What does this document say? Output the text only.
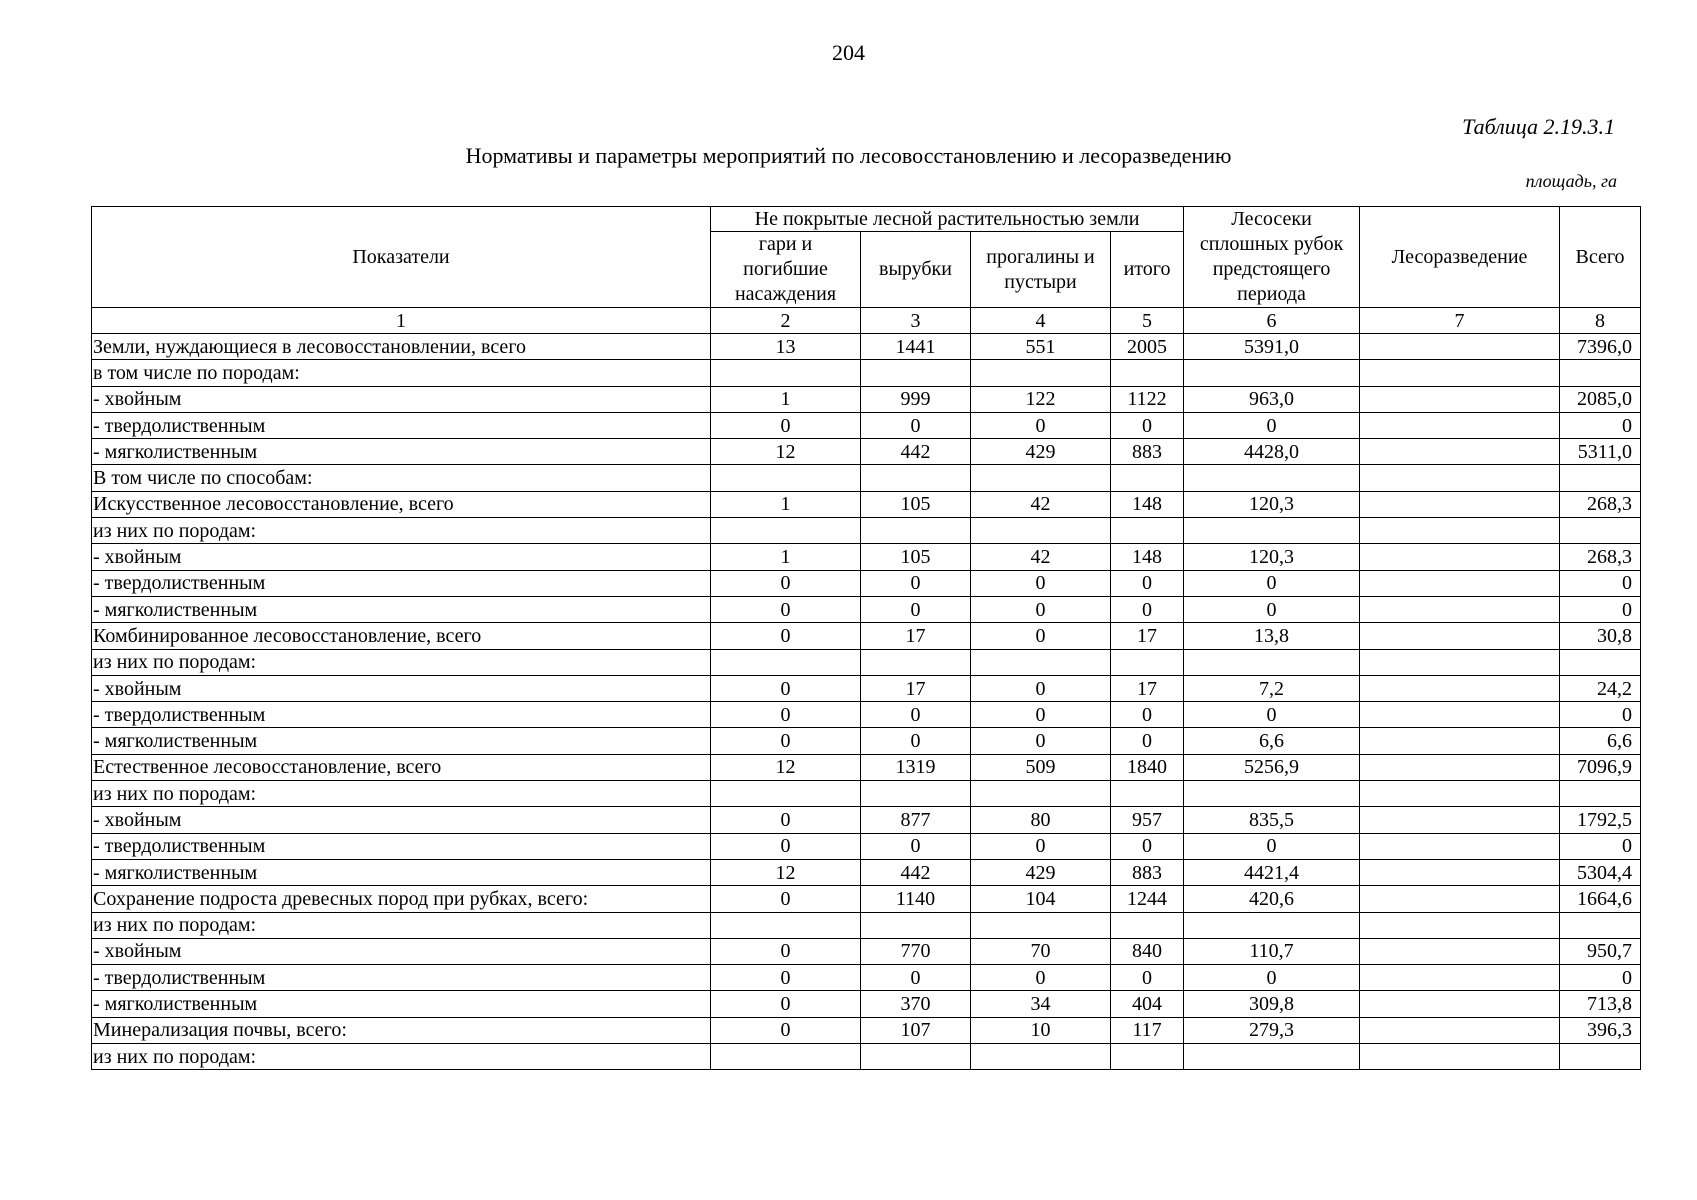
204
Таблица 2.19.3.1
Нормативы и параметры мероприятий по лесовосстановлению и лесоразведению
площадь, га
Показатели	Не покрытые лесной растительностью земли				Лесосеки сплошных рубок предстоящего периода	Лесоразведение	Всего
	гари и погибшие насаждения	вырубки	прогалины и пустыри	итого			
1	2	3	4	5	6	7	8
Земли, нуждающиеся в лесовосстановлении, всего	13	1441	551	2005	5391,0		7396,0
в том числе по породам:							
- хвойным	1	999	122	1122	963,0		2085,0
- твердолиственным	0	0	0	0	0		0
- мягколиственным	12	442	429	883	4428,0		5311,0
В том числе по способам:							
Искусственное лесовосстановление, всего	1	105	42	148	120,3		268,3
из них по породам:							
- хвойным	1	105	42	148	120,3		268,3
- твердолиственным	0	0	0	0	0		0
- мягколиственным	0	0	0	0	0		0
Комбинированное лесовосстановление, всего	0	17	0	17	13,8		30,8
из них по породам:							
- хвойным	0	17	0	17	7,2		24,2
- твердолиственным	0	0	0	0	0		0
- мягколиственным	0	0	0	0	6,6		6,6
Естественное лесовосстановление, всего	12	1319	509	1840	5256,9		7096,9
из них по породам:							
- хвойным	0	877	80	957	835,5		1792,5
- твердолиственным	0	0	0	0	0		0
- мягколиственным	12	442	429	883	4421,4		5304,4
Сохранение подроста древесных пород при рубках, всего:	0	1140	104	1244	420,6		1664,6
из них по породам:							
- хвойным	0	770	70	840	110,7		950,7
- твердолиственным	0	0	0	0	0		0
- мягколиственным	0	370	34	404	309,8		713,8
Минерализация почвы, всего:	0	107	10	117	279,3		396,3
из них по породам:							
